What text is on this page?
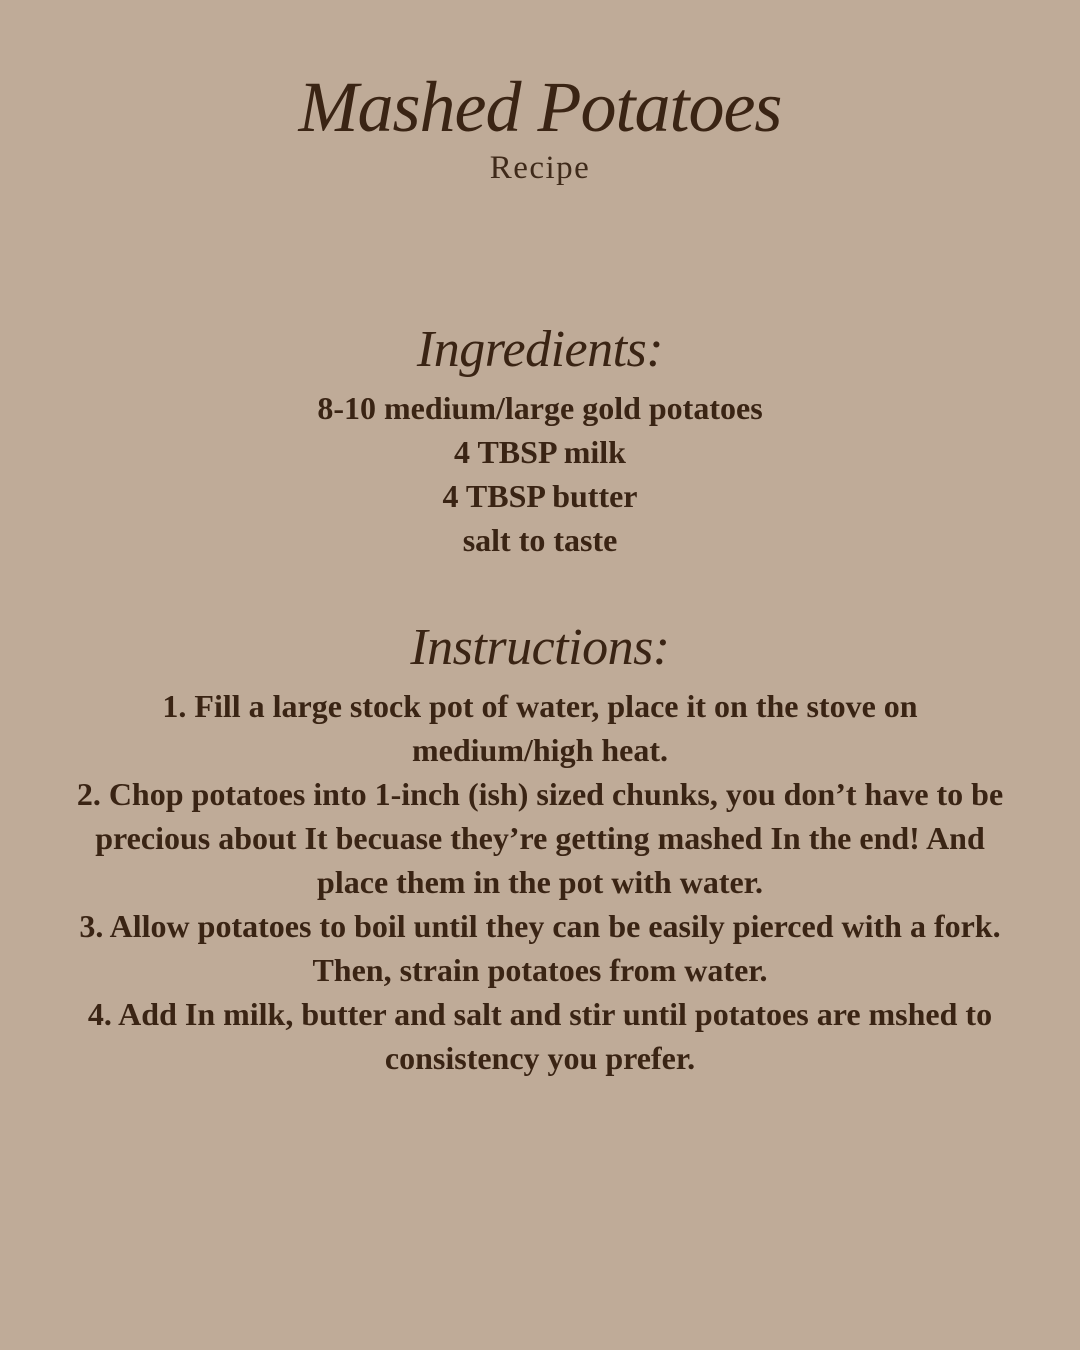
Mashed Potatoes
Recipe
Ingredients:
8-10 medium/large gold potatoes
4 TBSP milk
4 TBSP butter
salt to taste
Instructions:
1. Fill a large stock pot of water, place it on the stove on medium/high heat.
2. Chop potatoes into 1-inch (ish) sized chunks, you don’t have to be precious about It becuase they’re getting mashed In the end! And place them in the pot with water.
3. Allow potatoes to boil until they can be easily pierced with a fork. Then, strain potatoes from water.
4. Add In milk, butter and salt and stir until potatoes are mshed to consistency you prefer.
